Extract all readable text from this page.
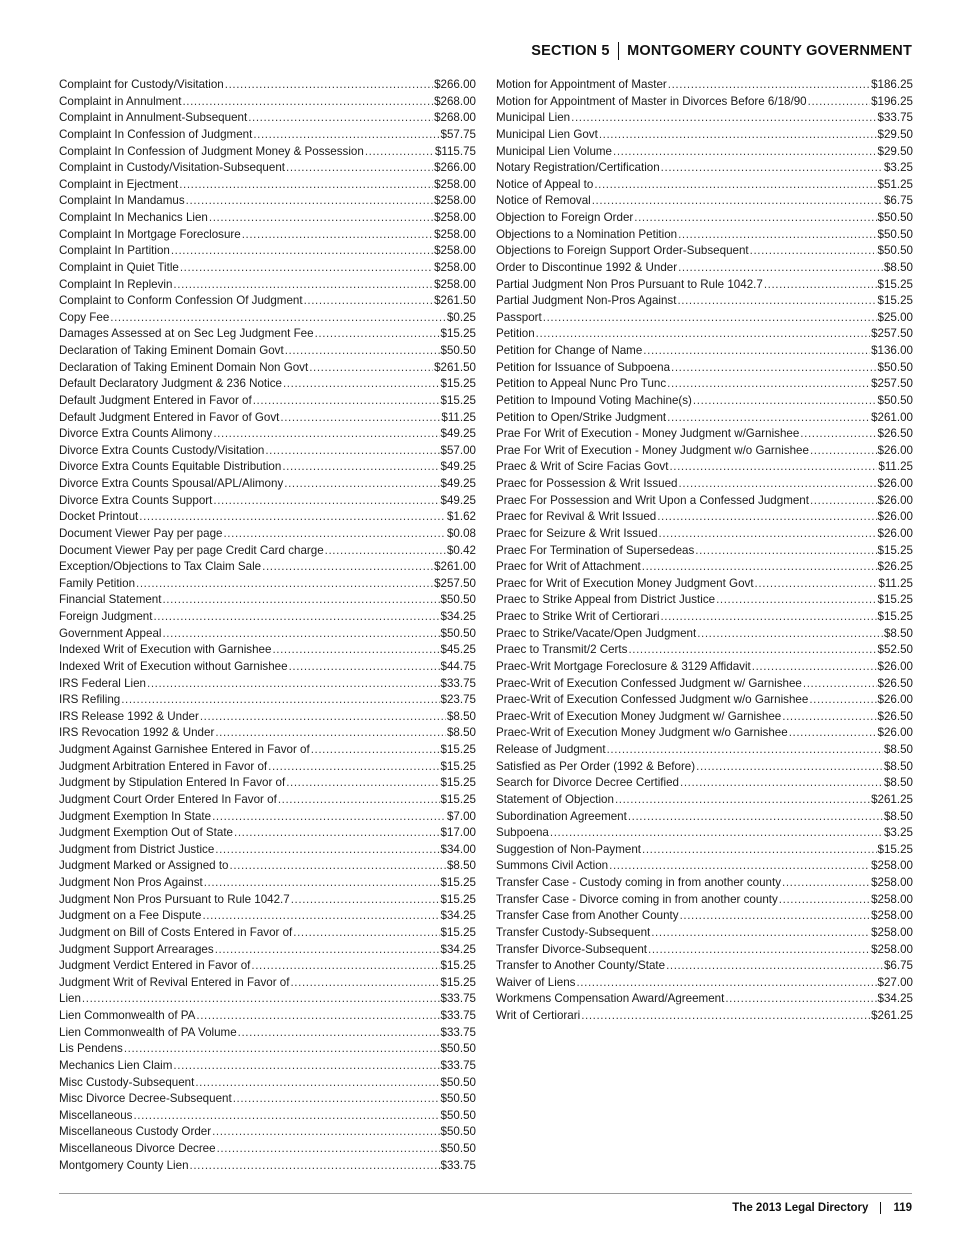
SECTION 5 MONTGOMERY COUNTY GOVERNMENT
Complaint for Custody/Visitation .....	$266.00
Complaint in Annulment .....	$268.00
Complaint in Annulment-Subsequent .....	$268.00
Complaint In Confession of Judgment .....	$57.75
Complaint In Confession of Judgment Money & Possession .....	$115.75
Complaint in Custody/Visitation-Subsequent .....	$266.00
Complaint in Ejectment .....	$258.00
Complaint In Mandamus .....	$258.00
Complaint In Mechanics Lien .....	$258.00
Complaint In Mortgage Foreclosure .....	$258.00
Complaint In Partition .....	$258.00
Complaint in Quiet Title .....	$258.00
Complaint In Replevin .....	$258.00
Complaint to Conform Confession Of Judgment .....	$261.50
Copy Fee .....	$0.25
Damages Assessed at on Sec Leg Judgment Fee .....	$15.25
Declaration of Taking Eminent Domain Govt .....	$50.50
Declaration of Taking Eminent Domain Non Govt .....	$261.50
Default Declaratory Judgment & 236 Notice .....	$15.25
Default Judgment Entered in Favor of .....	$15.25
Default Judgment Entered in Favor of Govt .....	$11.25
Divorce Extra Counts Alimony .....	$49.25
Divorce Extra Counts Custody/Visitation .....	$57.00
Divorce Extra Counts Equitable Distribution .....	$49.25
Divorce Extra Counts Spousal/APL/Alimony .....	$49.25
Divorce Extra Counts Support .....	$49.25
Docket Printout .....	$1.62
Document Viewer Pay per page .....	$0.08
Document Viewer Pay per page Credit Card charge .....	$0.42
Exception/Objections to Tax Claim Sale .....	$261.00
Family Petition .....	$257.50
Financial Statement .....	$50.50
Foreign Judgment .....	$34.25
Government Appeal .....	$50.50
Indexed Writ of Execution with Garnishee .....	$45.25
Indexed Writ of Execution without Garnishee .....	$44.75
IRS Federal Lien .....	$33.75
IRS Refiling .....	$23.75
IRS Release 1992 & Under .....	$8.50
IRS Revocation 1992 & Under .....	$8.50
Judgment Against Garnishee Entered in Favor of .....	$15.25
Judgment Arbitration Entered in Favor of .....	$15.25
Judgment by Stipulation Entered In Favor of .....	$15.25
Judgment Court Order Entered In Favor of .....	$15.25
Judgment Exemption In State .....	$7.00
Judgment Exemption Out of State .....	$17.00
Judgment from District Justice .....	$34.00
Judgment Marked or Assigned to .....	$8.50
Judgment Non Pros Against .....	$15.25
Judgment Non Pros Pursuant to Rule 1042.7 .....	$15.25
Judgment on a Fee Dispute .....	$34.25
Judgment on Bill of Costs Entered in Favor of .....	$15.25
Judgment Support Arrearages .....	$34.25
Judgment Verdict Entered in Favor of .....	$15.25
Judgment Writ of Revival Entered in Favor of .....	$15.25
Lien .....	$33.75
Lien Commonwealth of PA .....	$33.75
Lien Commonwealth of PA Volume .....	$33.75
Lis Pendens .....	$50.50
Mechanics Lien Claim .....	$33.75
Misc Custody-Subsequent .....	$50.50
Misc Divorce Decree-Subsequent .....	$50.50
Miscellaneous .....	$50.50
Miscellaneous Custody Order .....	$50.50
Miscellaneous Divorce Decree .....	$50.50
Montgomery County Lien .....	$33.75
Motion for Appointment of Master .....	$186.25
Motion for Appointment of Master in Divorces Before 6/18/90 .....	$196.25
Municipal Lien .....	$33.75
Municipal Lien Govt .....	$29.50
Municipal Lien Volume .....	$29.50
Notary Registration/Certification .....	$3.25
Notice of Appeal to .....	$51.25
Notice of Removal .....	$6.75
Objection to Foreign Order .....	$50.50
Objections to a Nomination Petition .....	$50.50
Objections to Foreign Support Order-Subsequent .....	$50.50
Order to Discontinue 1992 & Under .....	$8.50
Partial Judgment Non Pros Pursuant to Rule 1042.7 .....	$15.25
Partial Judgment Non-Pros Against .....	$15.25
Passport .....	$25.00
Petition .....	$257.50
Petition for Change of Name .....	$136.00
Petition for Issuance of Subpoena .....	$50.50
Petition to Appeal Nunc Pro Tunc .....	$257.50
Petition to Impound Voting Machine(s) .....	$50.50
Petition to Open/Strike Judgment .....	$261.00
Prae For Writ of Execution - Money Judgment w/Garnishee .....	$26.50
Prae For Writ of Execution - Money Judgment w/o Garnishee .....	$26.00
Praec & Writ of Scire Facias Govt .....	$11.25
Praec for Possession & Writ Issued .....	$26.00
Praec For Possession and Writ Upon a Confessed Judgment .....	$26.00
Praec for Revival & Writ Issued .....	$26.00
Praec for Seizure & Writ Issued .....	$26.00
Praec For Termination of Supersedeas .....	$15.25
Praec for Writ of Attachment .....	$26.25
Praec for Writ of Execution Money Judgment Govt .....	$11.25
Praec to Strike Appeal from District Justice .....	$15.25
Praec to Strike Writ of Certiorari .....	$15.25
Praec to Strike/Vacate/Open Judgment .....	$8.50
Praec to Transmit/2 Certs .....	$52.50
Praec-Writ Mortgage Foreclosure & 3129 Affidavit .....	$26.00
Praec-Writ of Execution Confessed Judgment w/ Garnishee .....	$26.50
Praec-Writ of Execution Confessed Judgment w/o Garnishee .....	$26.00
Praec-Writ of Execution Money Judgment w/ Garnishee .....	$26.50
Praec-Writ of Execution Money Judgment w/o Garnishee .....	$26.00
Release of Judgment .....	$8.50
Satisfied as Per Order (1992 & Before) .....	$8.50
Search for Divorce Decree Certified .....	$8.50
Statement of Objection .....	$261.25
Subordination Agreement .....	$8.50
Subpoena .....	$3.25
Suggestion of Non-Payment .....	$15.25
Summons Civil Action .....	$258.00
Transfer Case - Custody coming in from another county .....	$258.00
Transfer Case - Divorce coming in from another county .....	$258.00
Transfer Case from Another County .....	$258.00
Transfer Custody-Subsequent .....	$258.00
Transfer Divorce-Subsequent .....	$258.00
Transfer to Another County/State .....	$6.75
Waiver of Liens .....	$27.00
Workmens Compensation Award/Agreement .....	$34.25
Writ of Certiorari .....	$261.25
The 2013 Legal Directory 119
